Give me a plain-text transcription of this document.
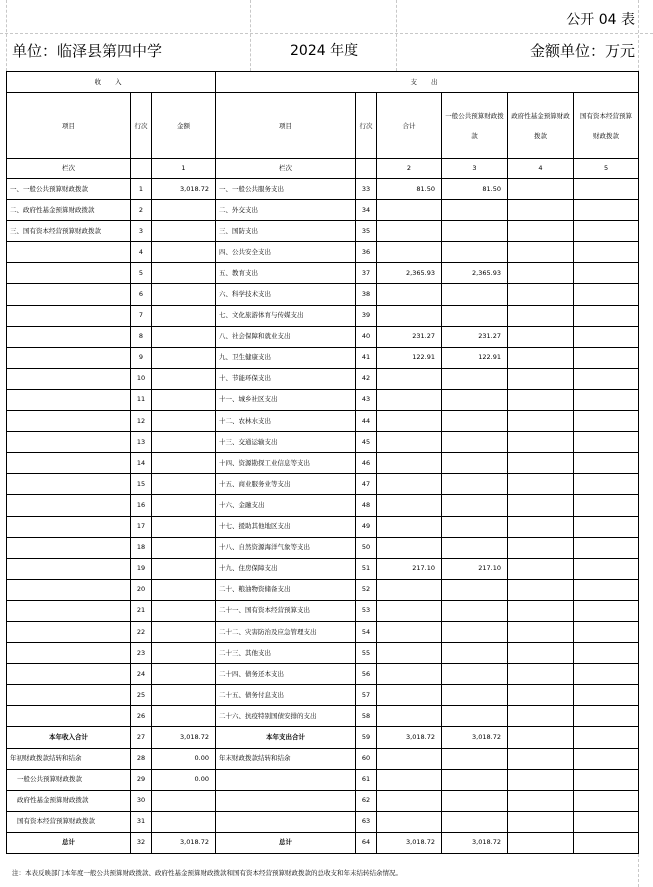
公开 04 表
单位：临泽县第四中学	2024 年度	金额单位：万元
收 入			支 出					
项目	行次	金额	项目	行次	合计	一般公共预算财政拨款	政府性基金预算财政拨款	国有资本经营预算财政拨款
栏次		1	栏次		2	3	4	5
一、一般公共预算财政拨款	1	3,018.72	一、一般公共服务支出	33	81.50	81.50		
二、政府性基金预算财政拨款	2		二、外交支出	34				
三、国有资本经营预算财政拨款	3		三、国防支出	35				
	4		四、公共安全支出	36				
	5		五、教育支出	37	2,365.93	2,365.93		
	6		六、科学技术支出	38				
	7		七、文化旅游体育与传媒支出	39				
	8		八、社会保障和就业支出	40	231.27	231.27		
	9		九、卫生健康支出	41	122.91	122.91		
	10		十、节能环保支出	42				
	11		十一、城乡社区支出	43				
	12		十二、农林水支出	44				
	13		十三、交通运输支出	45				
	14		十四、资源勘探工业信息等支出	46				
	15		十五、商业服务业等支出	47				
	16		十六、金融支出	48				
	17		十七、援助其他地区支出	49				
	18		十八、自然资源海洋气象等支出	50				
	19		十九、住房保障支出	51	217.10	217.10		
	20		二十、粮油物资储备支出	52				
	21		二十一、国有资本经营预算支出	53				
	22		二十二、灾害防治及应急管理支出	54				
	23		二十三、其他支出	55				
	24		二十四、债务还本支出	56				
	25		二十五、债务付息支出	57				
	26		二十六、抗疫特别国债安排的支出	58				
本年收入合计	27	3,018.72	本年支出合计	59	3,018.72	3,018.72		
年初财政拨款结转和结余	28	0.00	年末财政拨款结转和结余	60				
一般公共预算财政拨款	29	0.00		61				
政府性基金预算财政拨款	30			62				
国有资本经营预算财政拨款	31			63				
总计	32	3,018.72	总计	64	3,018.72	3,018.72		
注：本表反映部门本年度一般公共预算财政拨款、政府性基金预算财政拨款和国有资本经营预算财政拨款的总收支和年末结转结余情况。
